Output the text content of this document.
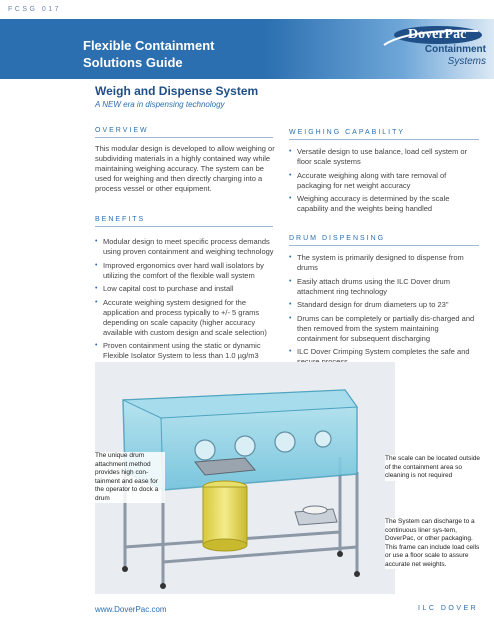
FCSG 017
Flexible Containment
Solutions Guide
DoverPac
Containment
Systems
Weigh and Dispense System
A NEW era in dispensing technology
OVERVIEW
This modular design is developed to allow weighing or subdividing materials in a highly contained way while maintaining weighing accuracy. The system can be used for weighing and then directly charging into a process vessel or other equipment.
BENEFITS
• Modular design to meet specific process demands using proven containment and weighing technology
• Improved ergonomics over hard wall isolators by utilizing the comfort of the flexible wall system
• Low capital cost to purchase and install
• Accurate weighing system designed for the application and process typically to +/- 5 grams depending on scale capacity (higher accuracy available with custom design and scale selection)
• Proven containment using the static or dynamic Flexible Isolator System to less than 1.0 µg/m3
WEIGHING CAPABILITY
• Versatile design to use balance, load cell system or floor scale systems
• Accurate weighing along with tare removal of packaging for net weight accuracy
• Weighing accuracy is determined by the scale capability and the weights being handled
DRUM DISPENSING
• The system is primarily designed to dispense from drums
• Easily attach drums using the ILC Dover drum attachment ring technology
• Standard design for drum diameters up to 23"
• Drums can be completely or partially dis-charged and then removed from the system maintaining containment for subsequent discharging
• ILC Dover Crimping System completes the safe and
The unique drum attachment method provides high con-tainment and ease for the operator to dock a drum
The scale can be located outside of the containment area so cleaning is not required
The System can discharge to a continuous liner sys-tem, DoverPac, or other packaging. This frame can include load cells or use a floor scale to assure accurate net weights.
www.DoverPac.com	ILC DOVER
